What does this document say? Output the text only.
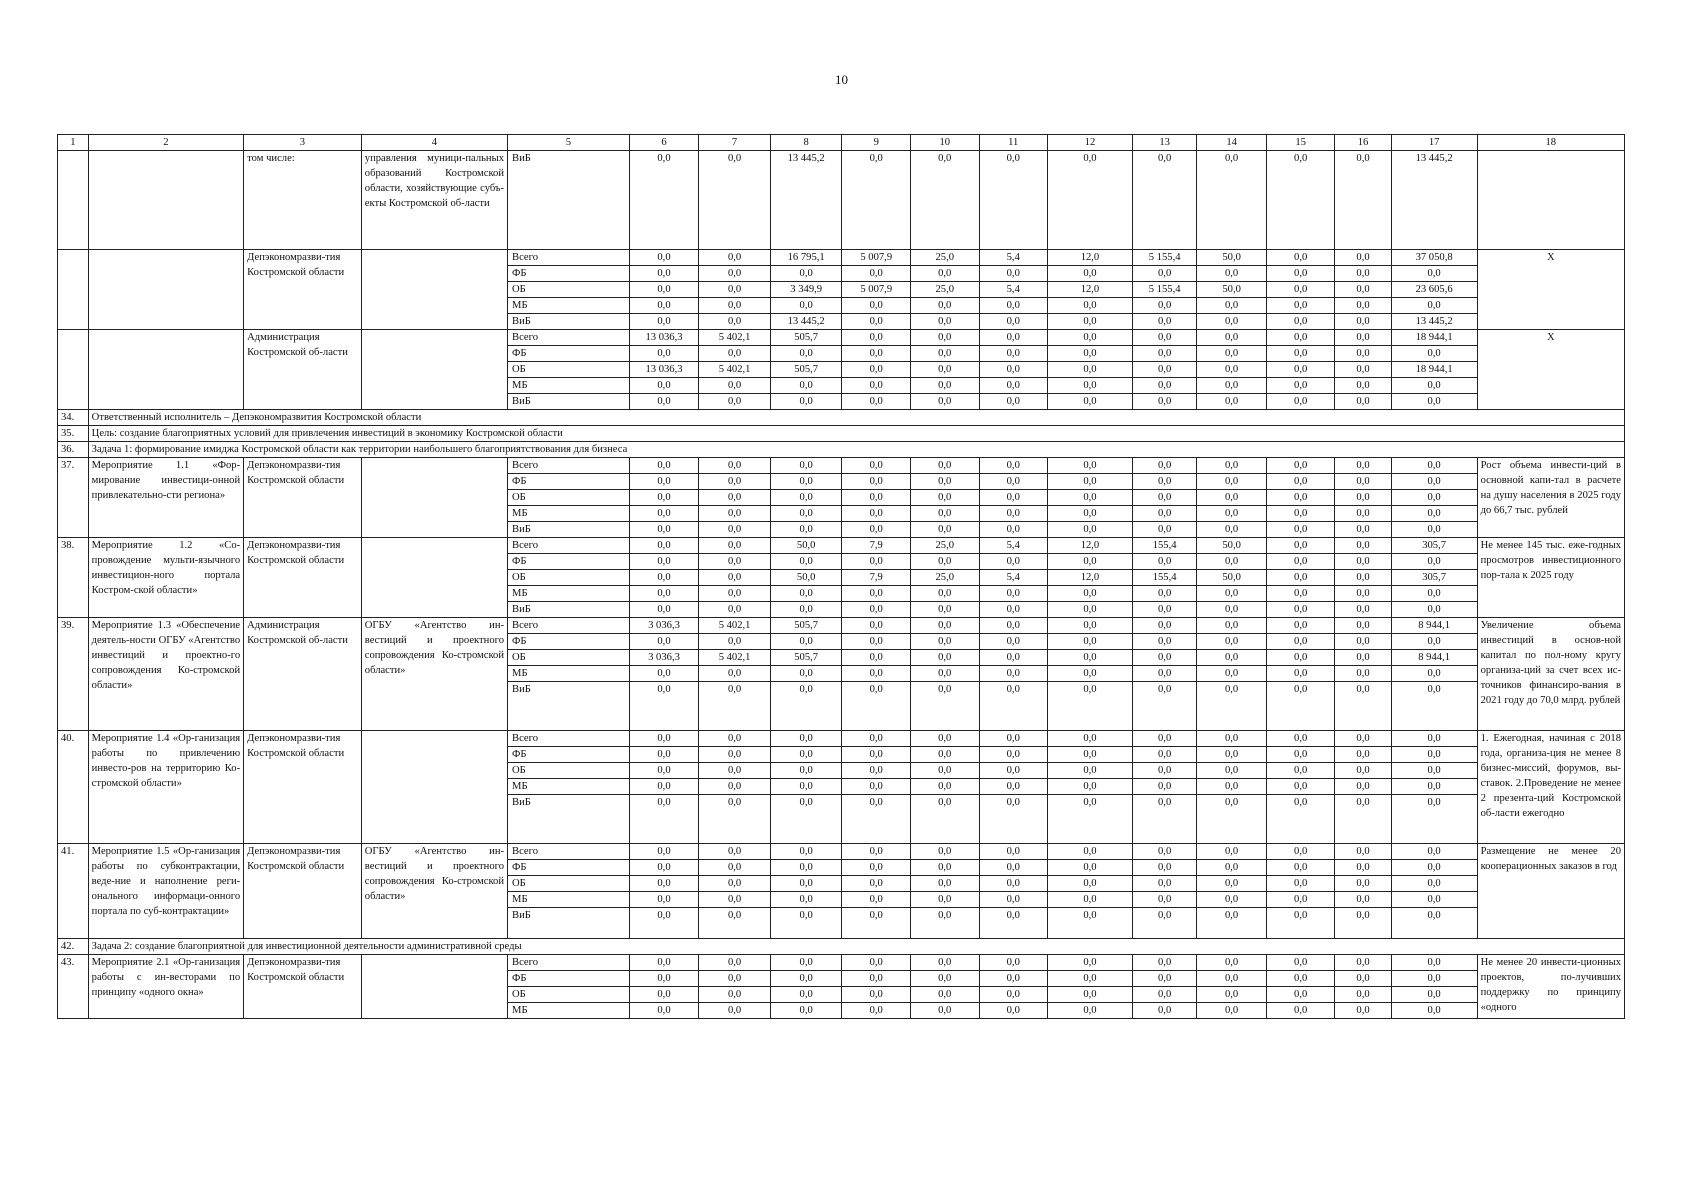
10
1	2	3	4	5	6	7	8	9	10	11	12	13	14	15	16	17	18
		том числе:	управления муници-пальных образований Костромской области, хозяйствующие субъ-екты Костромской об-ласти	ВиБ	0,0	0,0	13 445,2	0,0	0,0	0,0	0,0	0,0	0,0	0,0	0,0	13 445,2	
		Депэкономразви-тия Костромской области		Всего	0,0	0,0	16 795,1	5 007,9	25,0	5,4	12,0	5 155,4	50,0	0,0	0,0	37 050,8	Х
				ФБ	0,0	0,0	0,0	0,0	0,0	0,0	0,0	0,0	0,0	0,0	0,0	0,0	
				ОБ	0,0	0,0	3 349,9	5 007,9	25,0	5,4	12,0	5 155,4	50,0	0,0	0,0	23 605,6	
				МБ	0,0	0,0	0,0	0,0	0,0	0,0	0,0	0,0	0,0	0,0	0,0	0,0	
				ВиБ	0,0	0,0	13 445,2	0,0	0,0	0,0	0,0	0,0	0,0	0,0	0,0	13 445,2	
		Администрация Костромской об-ласти		Всего	13 036,3	5 402,1	505,7	0,0	0,0	0,0	0,0	0,0	0,0	0,0	0,0	18 944,1	Х
				ФБ	0,0	0,0	0,0	0,0	0,0	0,0	0,0	0,0	0,0	0,0	0,0	0,0	
				ОБ	13 036,3	5 402,1	505,7	0,0	0,0	0,0	0,0	0,0	0,0	0,0	0,0	18 944,1	
				МБ	0,0	0,0	0,0	0,0	0,0	0,0	0,0	0,0	0,0	0,0	0,0	0,0	
				ВиБ	0,0	0,0	0,0	0,0	0,0	0,0	0,0	0,0	0,0	0,0	0,0	0,0	
34.	Ответственный исполнитель – Депэкономразвития Костромской области																
35.	Цель: создание благоприятных условий для привлечения инвестиций в экономику Костромской области																
36.	Задача 1: формирование имиджа Костромской области как территории наибольшего благоприятствования для бизнеса																
37.	Мероприятие 1.1 «Фор-мирование инвестици-онной привлекательно-сти региона»	Депэкономразви-тия Костромской области		Всего	0,0	0,0	0,0	0,0	0,0	0,0	0,0	0,0	0,0	0,0	0,0	0,0	Рост объема инвести-ций в основной капи-тал в расчете на душу населения в 2025 году до 66,7 тыс. рублей
				ФБ	0,0	0,0	0,0	0,0	0,0	0,0	0,0	0,0	0,0	0,0	0,0	0,0	
				ОБ	0,0	0,0	0,0	0,0	0,0	0,0	0,0	0,0	0,0	0,0	0,0	0,0	
				МБ	0,0	0,0	0,0	0,0	0,0	0,0	0,0	0,0	0,0	0,0	0,0	0,0	
				ВиБ	0,0	0,0	0,0	0,0	0,0	0,0	0,0	0,0	0,0	0,0	0,0	0,0	
38.	Мероприятие 1.2 «Со-провождение мульти-язычного инвестицион-ного портала Костром-ской области»	Депэкономразви-тия Костромской области		Всего	0,0	0,0	50,0	7,9	25,0	5,4	12,0	155,4	50,0	0,0	0,0	305,7	Не менее 145 тыс. еже-годных просмотров инвестиционного пор-тала к 2025 году
				ФБ	0,0	0,0	0,0	0,0	0,0	0,0	0,0	0,0	0,0	0,0	0,0	0,0	
				ОБ	0,0	0,0	50,0	7,9	25,0	5,4	12,0	155,4	50,0	0,0	0,0	305,7	
				МБ	0,0	0,0	0,0	0,0	0,0	0,0	0,0	0,0	0,0	0,0	0,0	0,0	
				ВиБ	0,0	0,0	0,0	0,0	0,0	0,0	0,0	0,0	0,0	0,0	0,0	0,0	
39.	Мероприятие 1.3 «Обеспечение деятель-ности ОГБУ «Агентство инвестиций и проектно-го сопровождения Ко-стромской области»	Администрация Костромской об-ласти	ОГБУ «Агентство ин-вестиций и проектного сопровождения Ко-стромской области»	Всего	3 036,3	5 402,1	505,7	0,0	0,0	0,0	0,0	0,0	0,0	0,0	0,0	8 944,1	Увеличение объема инвестиций в основ-ной капитал по пол-ному кругу организа-ций за счет всех ис-точников финансиро-вания в 2021 году до 70,0 млрд. рублей
				ФБ	0,0	0,0	0,0	0,0	0,0	0,0	0,0	0,0	0,0	0,0	0,0	0,0	
				ОБ	3 036,3	5 402,1	505,7	0,0	0,0	0,0	0,0	0,0	0,0	0,0	0,0	8 944,1	
				МБ	0,0	0,0	0,0	0,0	0,0	0,0	0,0	0,0	0,0	0,0	0,0	0,0	
				ВиБ	0,0	0,0	0,0	0,0	0,0	0,0	0,0	0,0	0,0	0,0	0,0	0,0	
40.	Мероприятие 1.4 «Ор-ганизация работы по привлечению инвесто-ров на территорию Ко-стромской области»	Депэкономразви-тия Костромской области		Всего	0,0	0,0	0,0	0,0	0,0	0,0	0,0	0,0	0,0	0,0	0,0	0,0	1. Ежегодная, начиная с 2018 года, организа-ция не менее 8 бизнес-миссий, форумов, вы-ставок. 2.Проведение не менее 2 презента-ций Костромской об-ласти ежегодно
				ФБ	0,0	0,0	0,0	0,0	0,0	0,0	0,0	0,0	0,0	0,0	0,0	0,0	
				ОБ	0,0	0,0	0,0	0,0	0,0	0,0	0,0	0,0	0,0	0,0	0,0	0,0	
				МБ	0,0	0,0	0,0	0,0	0,0	0,0	0,0	0,0	0,0	0,0	0,0	0,0	
				ВиБ	0,0	0,0	0,0	0,0	0,0	0,0	0,0	0,0	0,0	0,0	0,0	0,0	
41.	Мероприятие 1.5 «Ор-ганизация работы по субконтрактации, веде-ние и наполнение реги-онального информаци-онного портала по суб-контрактации»	Депэкономразви-тия Костромской области	ОГБУ «Агентство ин-вестиций и проектного сопровождения Ко-стромской области»	Всего	0,0	0,0	0,0	0,0	0,0	0,0	0,0	0,0	0,0	0,0	0,0	0,0	Размещение не менее 20 кооперационных заказов в год
				ФБ	0,0	0,0	0,0	0,0	0,0	0,0	0,0	0,0	0,0	0,0	0,0	0,0	
				ОБ	0,0	0,0	0,0	0,0	0,0	0,0	0,0	0,0	0,0	0,0	0,0	0,0	
				МБ	0,0	0,0	0,0	0,0	0,0	0,0	0,0	0,0	0,0	0,0	0,0	0,0	
				ВиБ	0,0	0,0	0,0	0,0	0,0	0,0	0,0	0,0	0,0	0,0	0,0	0,0	
42.	Задача 2: создание благоприятной для инвестиционной деятельности административной среды																
43.	Мероприятие 2.1 «Ор-ганизация работы с ин-весторами по принципу «одного окна»	Депэкономразви-тия Костромской области		Всего	0,0	0,0	0,0	0,0	0,0	0,0	0,0	0,0	0,0	0,0	0,0	0,0	Не менее 20 инвести-ционных проектов, по-лучивших поддержку по принципу «одного
				ФБ	0,0	0,0	0,0	0,0	0,0	0,0	0,0	0,0	0,0	0,0	0,0	0,0	
				ОБ	0,0	0,0	0,0	0,0	0,0	0,0	0,0	0,0	0,0	0,0	0,0	0,0	
				МБ	0,0	0,0	0,0	0,0	0,0	0,0	0,0	0,0	0,0	0,0	0,0	0,0	
